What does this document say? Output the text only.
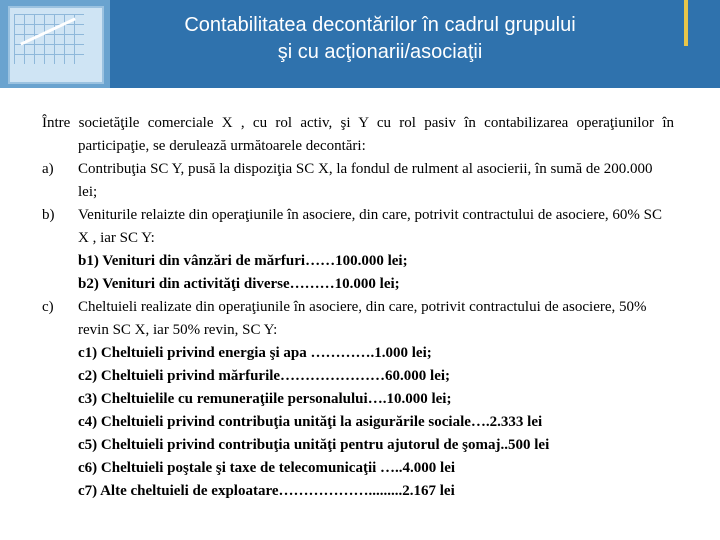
Contabilitatea decontărilor în cadrul grupului
şi cu acţionarii/asociaţii

Între societăţile comerciale X , cu rol activ, şi Y cu rol pasiv în contabilizarea operaţiunilor în participaţie, se derulează următoarele decontări:

a) Contribuţia SC Y, pusă la dispoziţia SC X, la fondul de rulment al asocierii, în sumă de 200.000 lei;
b) Veniturile relaizte din operaţiunile în asociere, din care, potrivit contractului de asociere, 60% SC X , iar SC Y:
b1) Venituri din vânzări de mărfuri……100.000 lei;
b2) Venituri din activităţi diverse………10.000 lei;
c) Cheltuieli realizate din operaţiunile în asociere, din care, potrivit contractului de asociere, 50% revin SC X, iar 50% revin, SC Y:
c1) Cheltuieli privind energia şi apa ………….1.000 lei;
c2) Cheltuieli privind mărfurile…………………60.000 lei;
c3) Cheltuielile cu remuneraţiile personalului….10.000 lei;
c4) Cheltuieli privind contribuţia unităţi la asigurările sociale….2.333 lei
c5) Cheltuieli privind contribuţia unităţi pentru ajutorul de şomaj..500 lei
c6) Cheltuieli poştale şi taxe de telecomunicaţii …..4.000 lei
c7) Alte cheltuieli de exploatare……………….........2.167 lei
